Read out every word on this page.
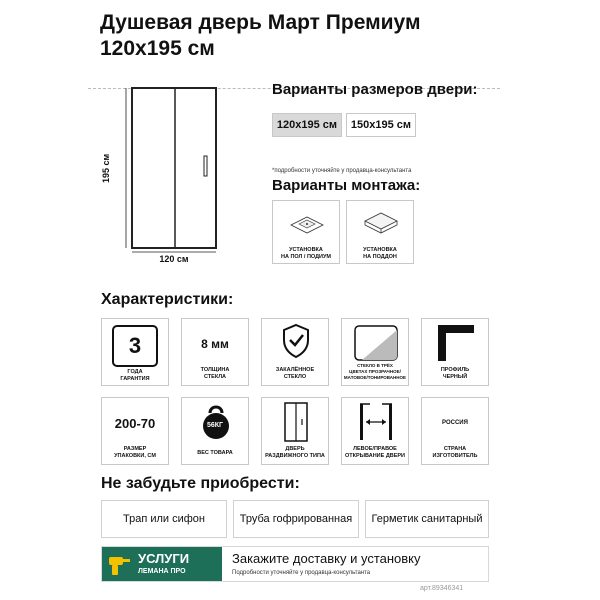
Душевая дверь Март Премиум
120x195 см
120 см
195 см
Варианты размеров двери:
120x195 см	150x195 см
*подробности уточняйте у продавца-консультанта
Варианты монтажа:
УСТАНОВКА
НА ПОЛ / ПОДИУМ
УСТАНОВКА
НА ПОДДОН
Характеристики:
3
ГОДА
ГАРАНТИЯ
8 мм
ТОЛЩИНА
СТЕКЛА
ЗАКАЛЁННОЕ
СТЕКЛО
СТЕКЛО В ТРЁХ
ЦВЕТАХ ПРОЗРАЧНОЕ/
МАТОВОЕ/ТОНИРОВАННОЕ
ПРОФИЛЬ
ЧЕРНЫЙ
200-70
РАЗМЕР
УПАКОВКИ, СМ
56КГ
ВЕС ТОВАРА
ДВЕРЬ
РАЗДВИЖНОГО ТИПА
ЛЕВОЕ/ПРАВОЕ
ОТКРЫВАНИЕ ДВЕРИ
РОССИЯ
СТРАНА
ИЗГОТОВИТЕЛЬ
Не забудьте приобрести:
Трап или сифон	Труба гофрированная	Герметик санитарный
УСЛУГИ
ЛЕМАНА ПРО
Закажите доставку и установку
Подробности уточняйте у продавца-консультанта
арт.89346341
